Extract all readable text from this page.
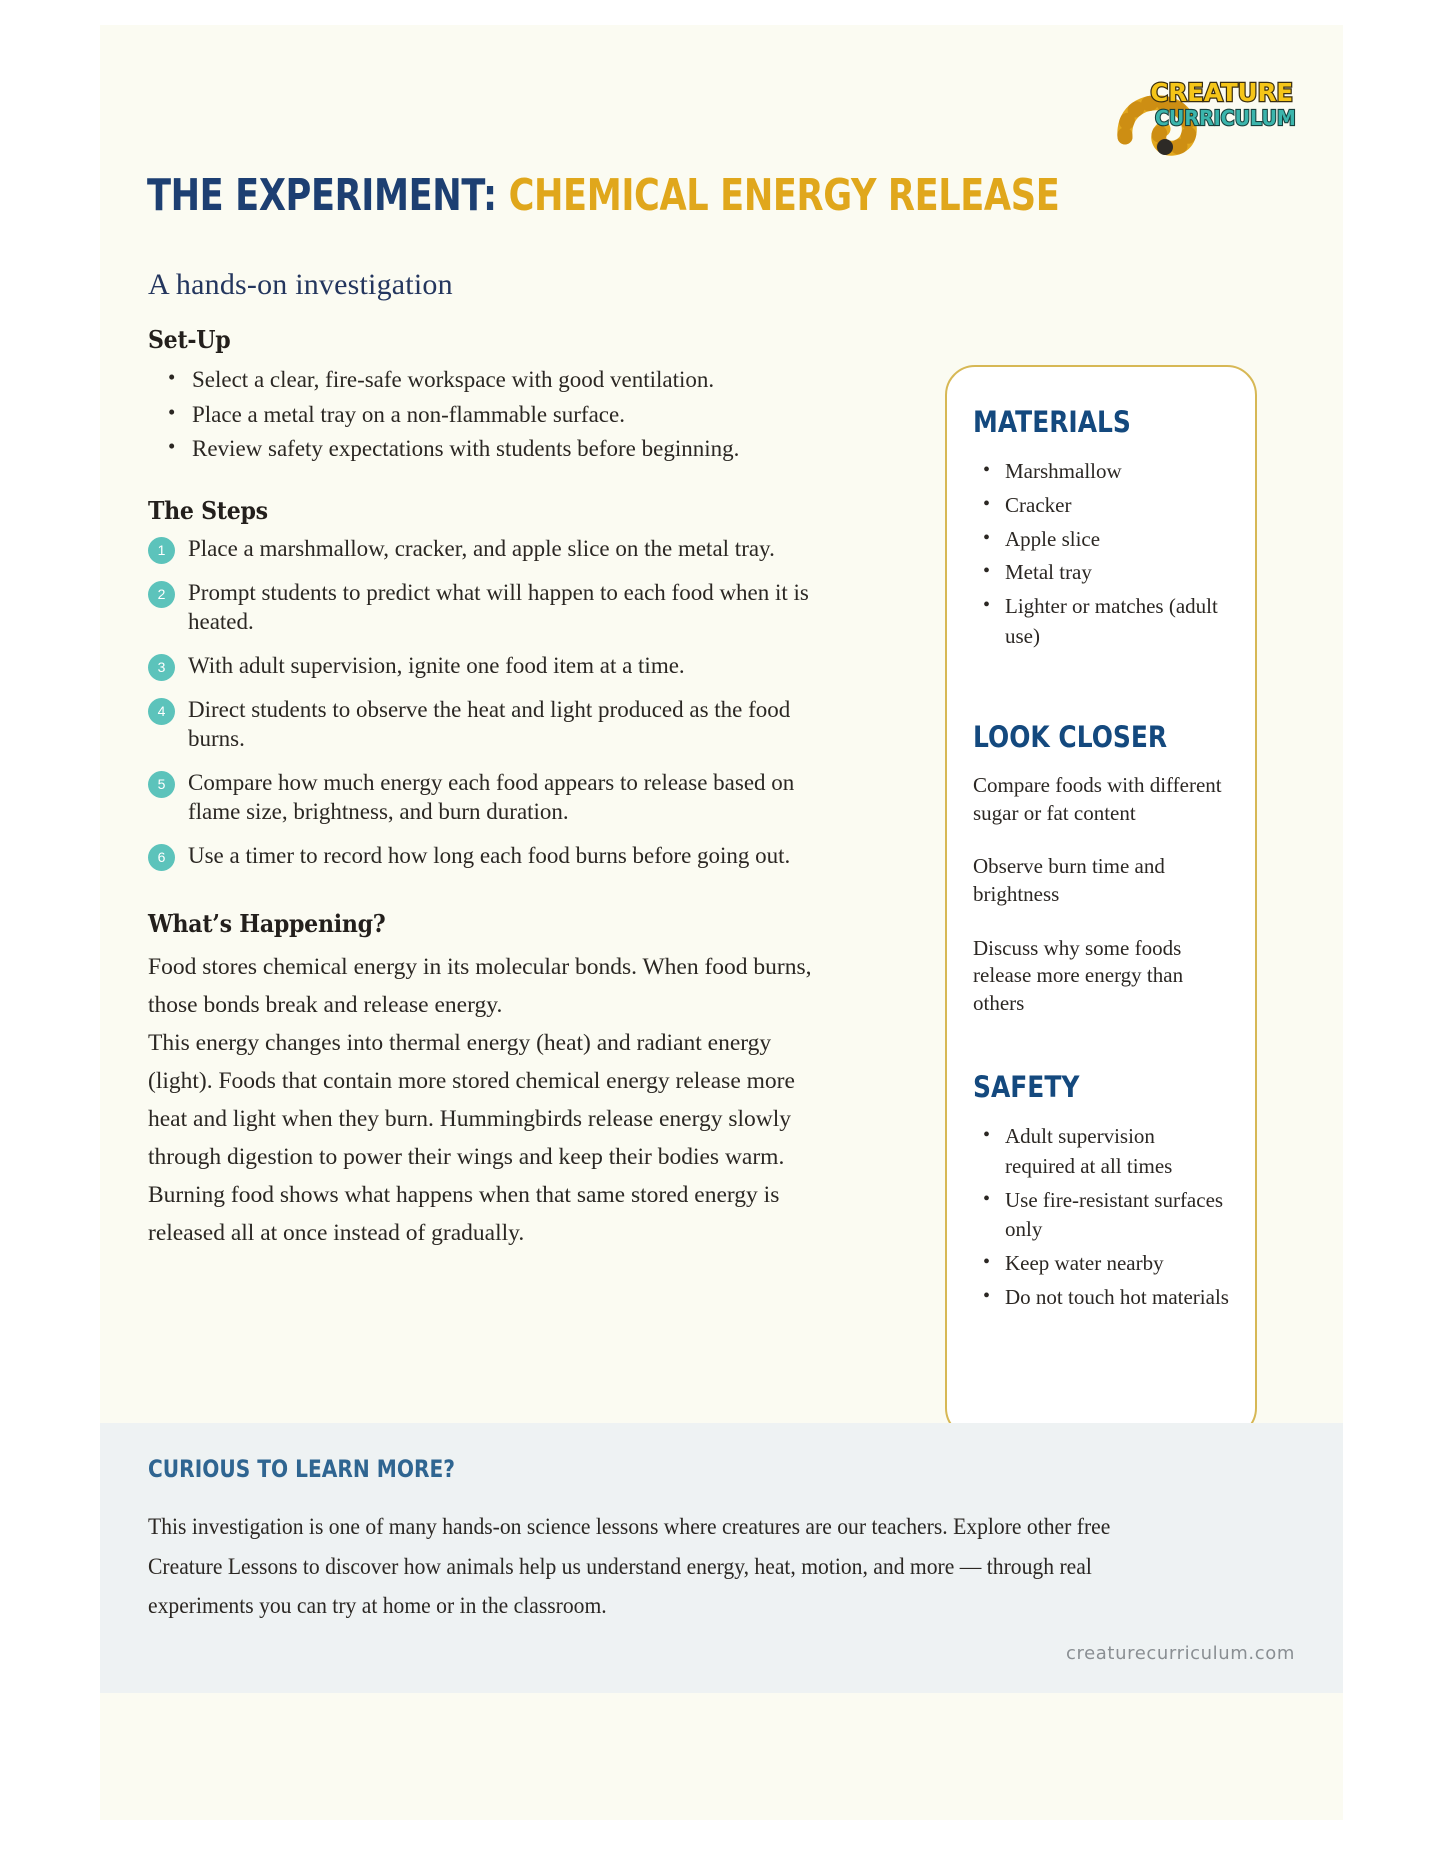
CREATURE
CURRICULUM
THE EXPERIMENT: CHEMICAL ENERGY RELEASE
A hands-on investigation
Set-Up
• Select a clear, fire-safe workspace with good ventilation.
• Place a metal tray on a non-flammable surface.
• Review safety expectations with students before beginning.
The Steps
1 Place a marshmallow, cracker, and apple slice on the metal tray.
2 Prompt students to predict what will happen to each food when it is heated.
3 With adult supervision, ignite one food item at a time.
4 Direct students to observe the heat and light produced as the food burns.
5 Compare how much energy each food appears to release based on flame size, brightness, and burn duration.
6 Use a timer to record how long each food burns before going out.
What’s Happening?

Food stores chemical energy in its molecular bonds. When food burns, those bonds break and release energy.

This energy changes into thermal energy (heat) and radiant energy (light). Foods that contain more stored chemical energy release more heat and light when they burn. Hummingbirds release energy slowly through digestion to power their wings and keep their bodies warm. Burning food shows what happens when that same stored energy is released all at once instead of gradually.

MATERIALS
• Marshmallow
• Cracker
• Apple slice
• Metal tray
• Lighter or matches (adult use)
LOOK CLOSER

Compare foods with different sugar or fat content

Observe burn time and brightness

Discuss why some foods release more energy than others

SAFETY
• Adult supervision required at all times
• Use fire-resistant surfaces only
• Keep water nearby
• Do not touch hot materials
CURIOUS TO LEARN MORE?

This investigation is one of many hands-on science lessons where creatures are our teachers. Explore other free Creature Lessons to discover how animals help us understand energy, heat, motion, and more — through real experiments you can try at home or in the classroom.

creaturecurriculum.com
